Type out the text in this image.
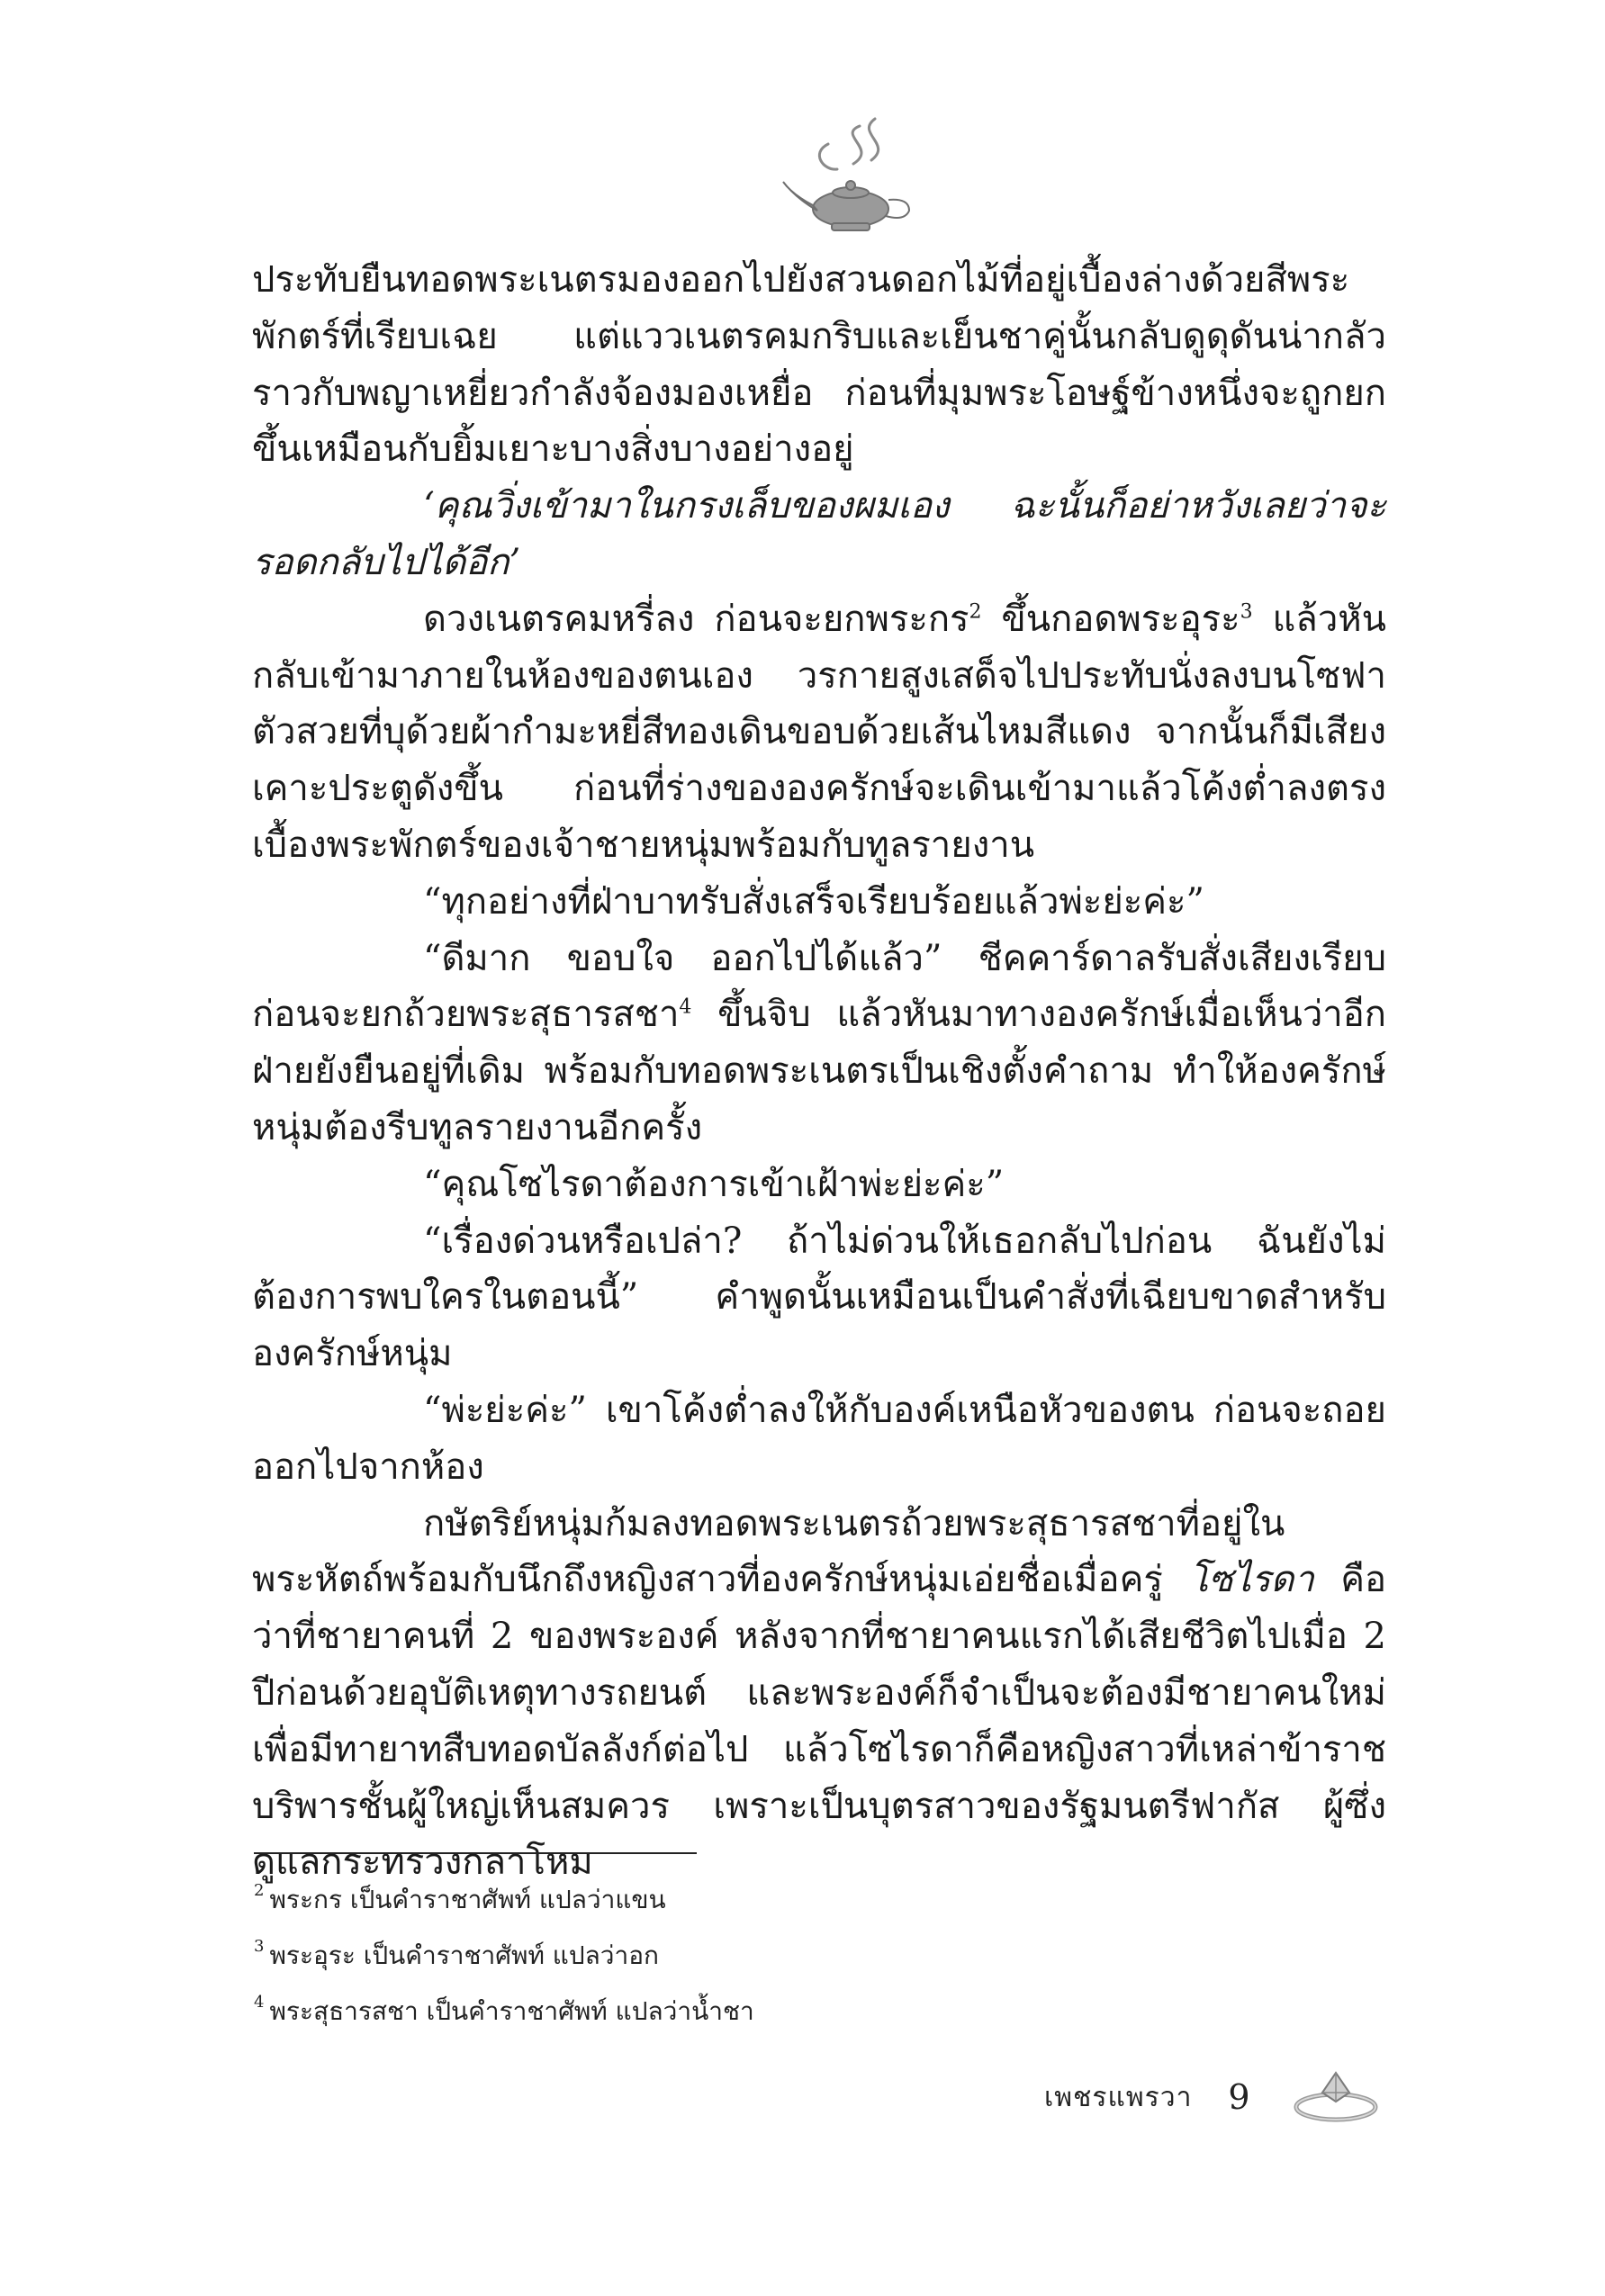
ประทับยืนทอดพระเนตรมองออกไปยังสวนดอกไม้ที่อยู่เบื้องล่างด้วยสีพระพักตร์ที่เรียบเฉย แต่แววเนตรคมกริบและเย็นชาคู่นั้นกลับดูดุดันน่ากลัว ราวกับพญาเหยี่ยวกำลังจ้องมองเหยื่อ ก่อนที่มุมพระโอษฐ์ข้างหนึ่งจะถูกยกขึ้นเหมือนกับยิ้มเยาะบางสิ่งบางอย่างอยู่

‘คุณวิ่งเข้ามาในกรงเล็บของผมเอง ฉะนั้นก็อย่าหวังเลยว่าจะรอดกลับไปได้อีก’

ดวงเนตรคมหรี่ลง ก่อนจะยกพระกร$^2$ ขึ้นกอดพระอุระ$^3$ แล้วหันกลับเข้ามาภายในห้องของตนเอง วรกายสูงเสด็จไปประทับนั่งลงบนโซฟาตัวสวยที่บุด้วยผ้ากำมะหยี่สีทองเดินขอบด้วยเส้นไหมสีแดง จากนั้นก็มีเสียงเคาะประตูดังขึ้น ก่อนที่ร่างขององครักษ์จะเดินเข้ามาแล้วโค้งต่ำลงตรงเบื้องพระพักตร์ของเจ้าชายหนุ่มพร้อมกับทูลรายงาน

“ทุกอย่างที่ฝ่าบาทรับสั่งเสร็จเรียบร้อยแล้วพ่ะย่ะค่ะ”

“ดีมาก ขอบใจ ออกไปได้แล้ว” ชีคคาร์ดาลรับสั่งเสียงเรียบ ก่อนจะยกถ้วยพระสุธารสชา$^4$ ขึ้นจิบ แล้วหันมาทางองครักษ์เมื่อเห็นว่าอีกฝ่ายยังยืนอยู่ที่เดิม พร้อมกับทอดพระเนตรเป็นเชิงตั้งคำถาม ทำให้องครักษ์หนุ่มต้องรีบทูลรายงานอีกครั้ง

“คุณโซไรดาต้องการเข้าเฝ้าพ่ะย่ะค่ะ”

“เรื่องด่วนหรือเปล่า? ถ้าไม่ด่วนให้เธอกลับไปก่อน ฉันยังไม่ต้องการพบใครในตอนนี้” คำพูดนั้นเหมือนเป็นคำสั่งที่เฉียบขาดสำหรับองครักษ์หนุ่ม

“พ่ะย่ะค่ะ” เขาโค้งต่ำลงให้กับองค์เหนือหัวของตน ก่อนจะถอยออกไปจากห้อง

กษัตริย์หนุ่มก้มลงทอดพระเนตรถ้วยพระสุธารสชาที่อยู่ในพระหัตถ์พร้อมกับนึกถึงหญิงสาวที่องครักษ์หนุ่มเอ่ยชื่อเมื่อครู่ โซไรดา คือว่าที่ชายาคนที่ 2 ของพระองค์ หลังจากที่ชายาคนแรกได้เสียชีวิตไปเมื่อ 2 ปีก่อนด้วยอุบัติเหตุทางรถยนต์ และพระองค์ก็จำเป็นจะต้องมีชายาคนใหม่เพื่อมีทายาทสืบทอดบัลลังก์ต่อไป แล้วโซไรดาก็คือหญิงสาวที่เหล่าข้าราชบริพารชั้นผู้ใหญ่เห็นสมควร เพราะเป็นบุตรสาวของรัฐมนตรีฟากัส ผู้ซึ่งดูแลกระทรวงกลาโหม

2 พระกร เป็นคำราชาศัพท์ แปลว่าแขน
3 พระอุระ เป็นคำราชาศัพท์ แปลว่าอก
4 พระสุธารสชา เป็นคำราชาศัพท์ แปลว่าน้ำชา
เพชรแพรวา 9
